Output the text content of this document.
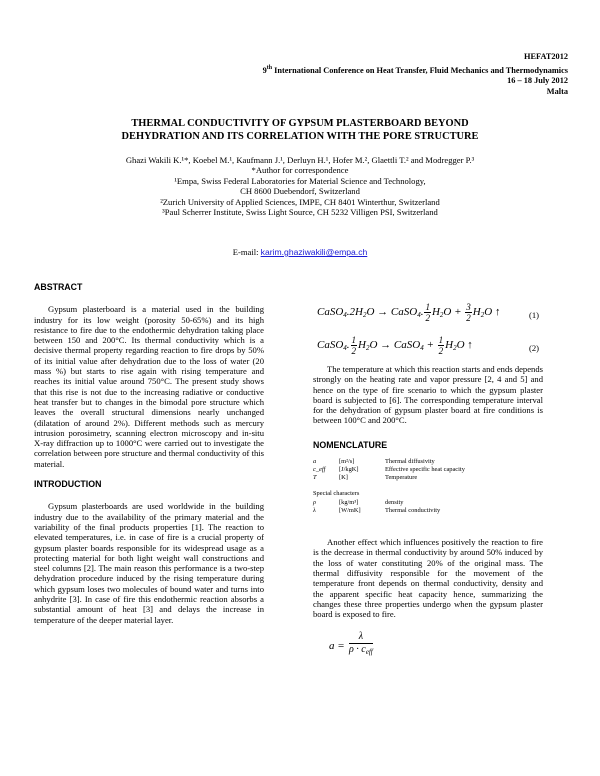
HEFAT2012
9th International Conference on Heat Transfer, Fluid Mechanics and Thermodynamics
16 – 18 July 2012
Malta
THERMAL CONDUCTIVITY OF GYPSUM PLASTERBOARD BEYOND
DEHYDRATION AND ITS CORRELATION WITH THE PORE STRUCTURE
Ghazi Wakili K.¹*, Koebel M.¹, Kaufmann J.¹, Derluyn H.¹, Hofer M.², Glaettli T.² and Modregger P.³
*Author for correspondence
¹Empa, Swiss Federal Laboratories for Material Science and Technology,
CH 8600 Duebendorf, Switzerland
²Zurich University of Applied Sciences, IMPE, CH 8401 Winterthur, Switzerland
³Paul Scherrer Institute, Swiss Light Source, CH 5232 Villigen PSI, Switzerland
E-mail: karim.ghaziwakili@empa.ch
ABSTRACT

Gypsum plasterboard is a material used in the building industry for its low weight (porosity 50-65%) and its high resistance to fire due to the endothermic dehydration taking place between 150 and 200°C. Its thermal conductivity which is a decisive thermal property regarding reaction to fire drops by 50% of its initial value after dehydration due to the loss of water (20 mass %) but starts to rise again with rising temperature and reaches its initial value around 750°C. The present study shows that this rise is not due to the increasing radiative or conductive heat transfer but to changes in the bimodal pore structure which leaves the overall structural dimensions nearly unchanged (dilatation of around 2%). Different methods such as mercury intrusion porosimetry, scanning electron microscopy and in-situ X-ray diffraction up to 1000°C were carried out to investigate the correlation between pore structure and thermal conductivity of this material.

INTRODUCTION

Gypsum plasterboards are used worldwide in the building industry due to the availability of the primary material and the variability of the final products properties [1]. The reaction to elevated temperatures, i.e. in case of fire is a crucial property of gypsum plaster boards responsible for its widespread usage as a protecting material for both light weight wall constructions and steel columns [2]. The main reason this performance is a two-step dehydration procedure induced by the rising temperature during which gypsum loses two molecules of bound water and turns into anhydrite [3]. In case of fire this endothermic reaction absorbs a substantial amount of heat [3] and delays the increase in temperature of the deeper material layer.

$CaSO_4.2H_2O$ → CaSO$_4$. $\frac{1}{2} H_2O + \frac{3}{2} H_2O$ ↑	(1)
CaSO$_4$. $\frac{1}{2} H_2O$ → CaSO$_4$ + $\frac{1}{2} H_2O$ ↑	(2)

The temperature at which this reaction starts and ends depends strongly on the heating rate and vapor pressure [2, 4 and 5] and hence on the type of fire scenario to which the gypsum plaster board is subjected to [6]. The corresponding temperature interval for the dehydration of gypsum plaster board at fire conditions is between 100°C and 200°C.

NOMENCLATURE
a	[m²/s]	Thermal diffusivity
c_eff	[J/kgK]	Effective specific heat capacity
T	[K]	Temperature
Special characters
ρ	[kg/m³]	density
λ	[W/mK]	Thermal conductivity

Another effect which influences positively the reaction to fire is the decrease in thermal conductivity by around 50% induced by the loss of water constituting 20% of the original mass. The thermal diffusivity responsible for the movement of the temperature front depends on thermal conductivity, density and the apparent specific heat capacity hence, summarizing the changes these three properties undergo when the gypsum plaster board is exposed to fire.

a =
λ
$\rho \cdot c_{eff}$
